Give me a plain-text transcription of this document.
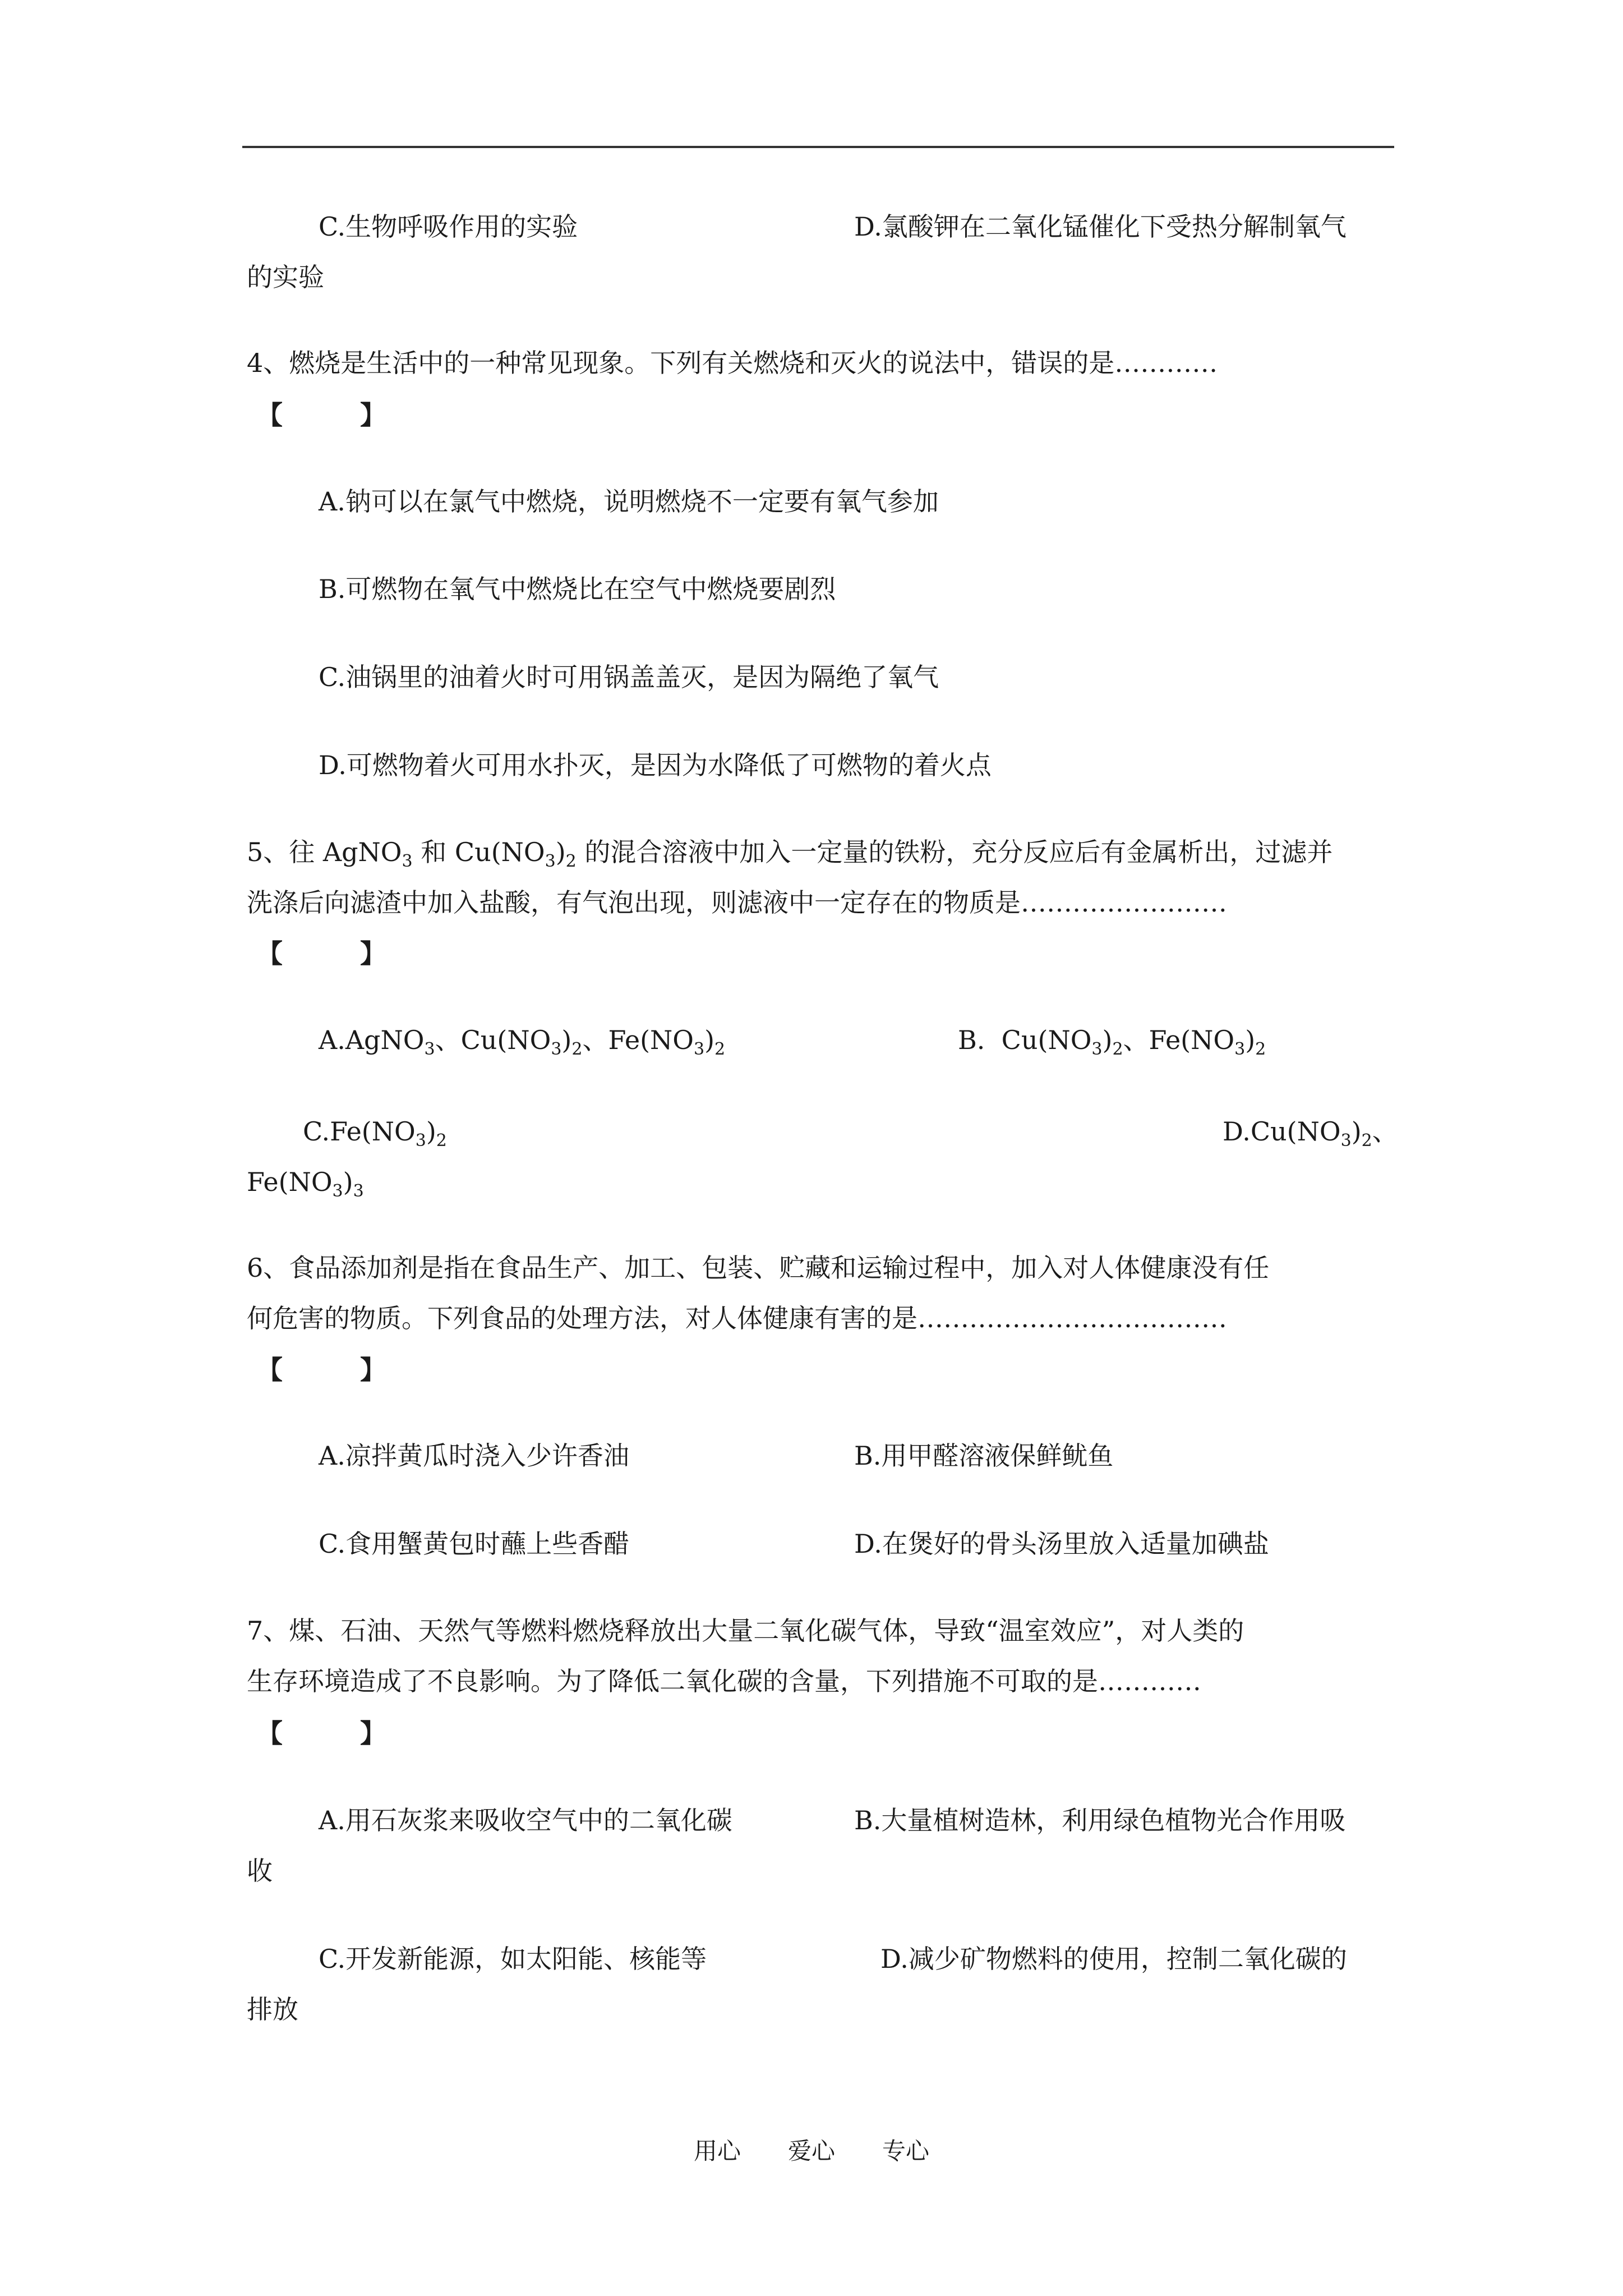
C.生物呼吸作用的实验	D.氯酸钾在二氧化锰催化下受热分解制氧气
的实验
4、燃烧是生活中的一种常见现象。下列有关燃烧和灭火的说法中，错误的是…………
【　　　】
A.钠可以在氯气中燃烧，说明燃烧不一定要有氧气参加
B.可燃物在氧气中燃烧比在空气中燃烧要剧烈
C.油锅里的油着火时可用锅盖盖灭，是因为隔绝了氧气
D.可燃物着火可用水扑灭，是因为水降低了可燃物的着火点
5、往 AgNO$_3$ 和 $Cu(NO_3)_2$ 的混合溶液中加入一定量的铁粉，充分反应后有金属析出，过滤并
洗涤后向滤渣中加入盐酸，有气泡出现，则滤液中一定存在的物质是……………………
【　　　】
A.AgNO$_3$、$Cu(NO_3)_2$、$Fe(NO_3)_2$	B.  $Cu(NO_3)_2$、$Fe(NO_3)_2$
$C.Fe(NO_3)_2$	$D.Cu(NO_3)_2$、
$Fe(NO_3)_3$
6、食品添加剂是指在食品生产、加工、包装、贮藏和运输过程中，加入对人体健康没有任
何危害的物质。下列食品的处理方法，对人体健康有害的是………………………………
【　　　】
A.凉拌黄瓜时浇入少许香油	B.用甲醛溶液保鲜鱿鱼
C.食用蟹黄包时蘸上些香醋	D.在煲好的骨头汤里放入适量加碘盐
7、煤、石油、天然气等燃料燃烧释放出大量二氧化碳气体，导致“温室效应”，对人类的
生存环境造成了不良影响。为了降低二氧化碳的含量，下列措施不可取的是…………
【　　　】
A.用石灰浆来吸收空气中的二氧化碳	B.大量植树造林，利用绿色植物光合作用吸
收
C.开发新能源，如太阳能、核能等	D.减少矿物燃料的使用，控制二氧化碳的
排放
用心　　爱心　　专心
